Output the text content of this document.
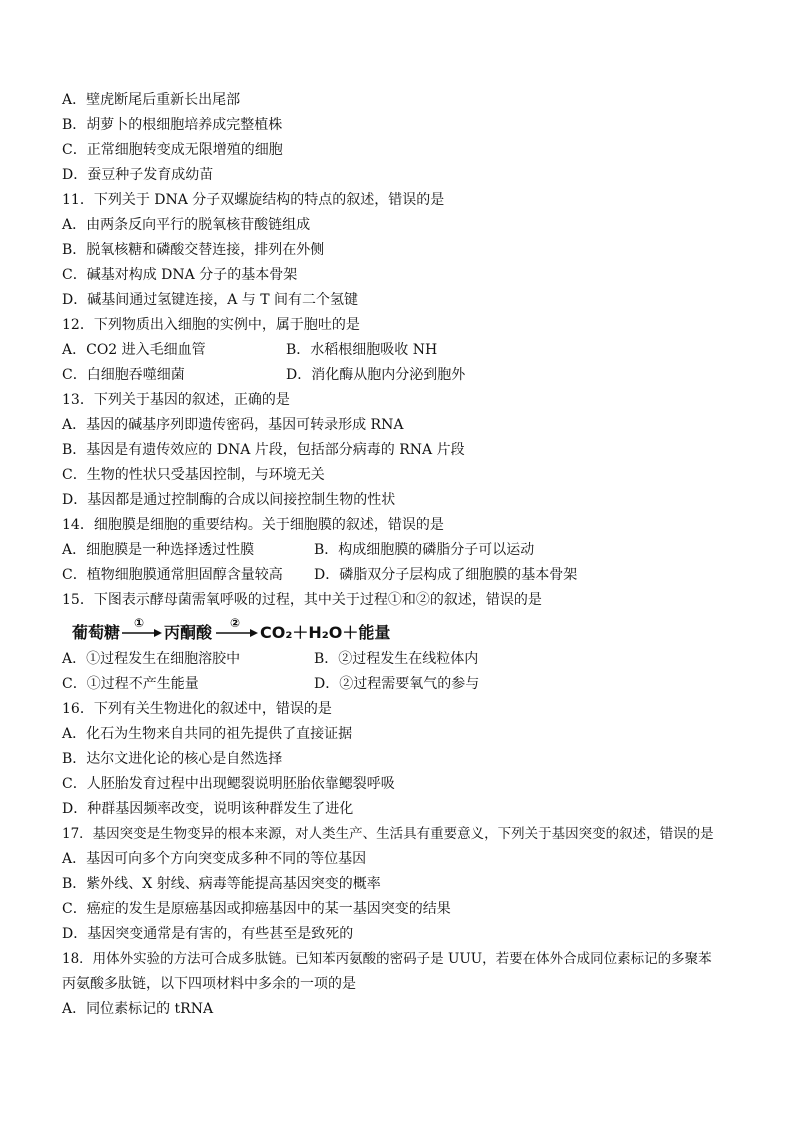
A．壁虎断尾后重新长出尾部
B．胡萝卜的根细胞培养成完整植株
C．正常细胞转变成无限增殖的细胞
D．蚕豆种子发育成幼苗
11．下列关于 DNA 分子双螺旋结构的特点的叙述，错误的是
A．由两条反向平行的脱氧核苷酸链组成
B．脱氧核糖和磷酸交替连接，排列在外侧
C．碱基对构成 DNA 分子的基本骨架
D．碱基间通过氢键连接，A 与 T 间有二个氢键
12．下列物质出入细胞的实例中，属于胞吐的是
A．CO2 进入毛细血管	B．水稻根细胞吸收 NH
C．白细胞吞噬细菌	D．消化酶从胞内分泌到胞外
13．下列关于基因的叙述，正确的是
A．基因的碱基序列即遗传密码，基因可转录形成 RNA
B．基因是有遗传效应的 DNA 片段，包括部分病毒的 RNA 片段
C．生物的性状只受基因控制，与环境无关
D．基因都是通过控制酶的合成以间接控制生物的性状
14．细胞膜是细胞的重要结构。关于细胞膜的叙述，错误的是
A．细胞膜是一种选择透过性膜	B．构成细胞膜的磷脂分子可以运动
C．植物细胞膜通常胆固醇含量较高 D．磷脂双分子层构成了细胞膜的基本骨架
15．下图表示酵母菌需氧呼吸的过程，其中关于过程①和②的叙述，错误的是
葡萄糖 ① 丙酮酸 ② CO₂＋H₂O＋能量
A．①过程发生在细胞溶胶中	B．②过程发生在线粒体内
C．①过程不产生能量	D．②过程需要氧气的参与
16．下列有关生物进化的叙述中，错误的是
A．化石为生物来自共同的祖先提供了直接证据
B．达尔文进化论的核心是自然选择
C．人胚胎发育过程中出现鳃裂说明胚胎依靠鳃裂呼吸
D．种群基因频率改变，说明该种群发生了进化
17．基因突变是生物变异的根本来源，对人类生产、生活具有重要意义，下列关于基因突变的叙述，错误的是
A．基因可向多个方向突变成多种不同的等位基因
B．紫外线、X 射线、病毒等能提高基因突变的概率
C．癌症的发生是原癌基因或抑癌基因中的某一基因突变的结果
D．基因突变通常是有害的，有些甚至是致死的
18．用体外实验的方法可合成多肽链。已知苯丙氨酸的密码子是 UUU，若要在体外合成同位素标记的多聚苯
丙氨酸多肽链，以下四项材料中多余的一项的是
A．同位素标记的 tRNA
